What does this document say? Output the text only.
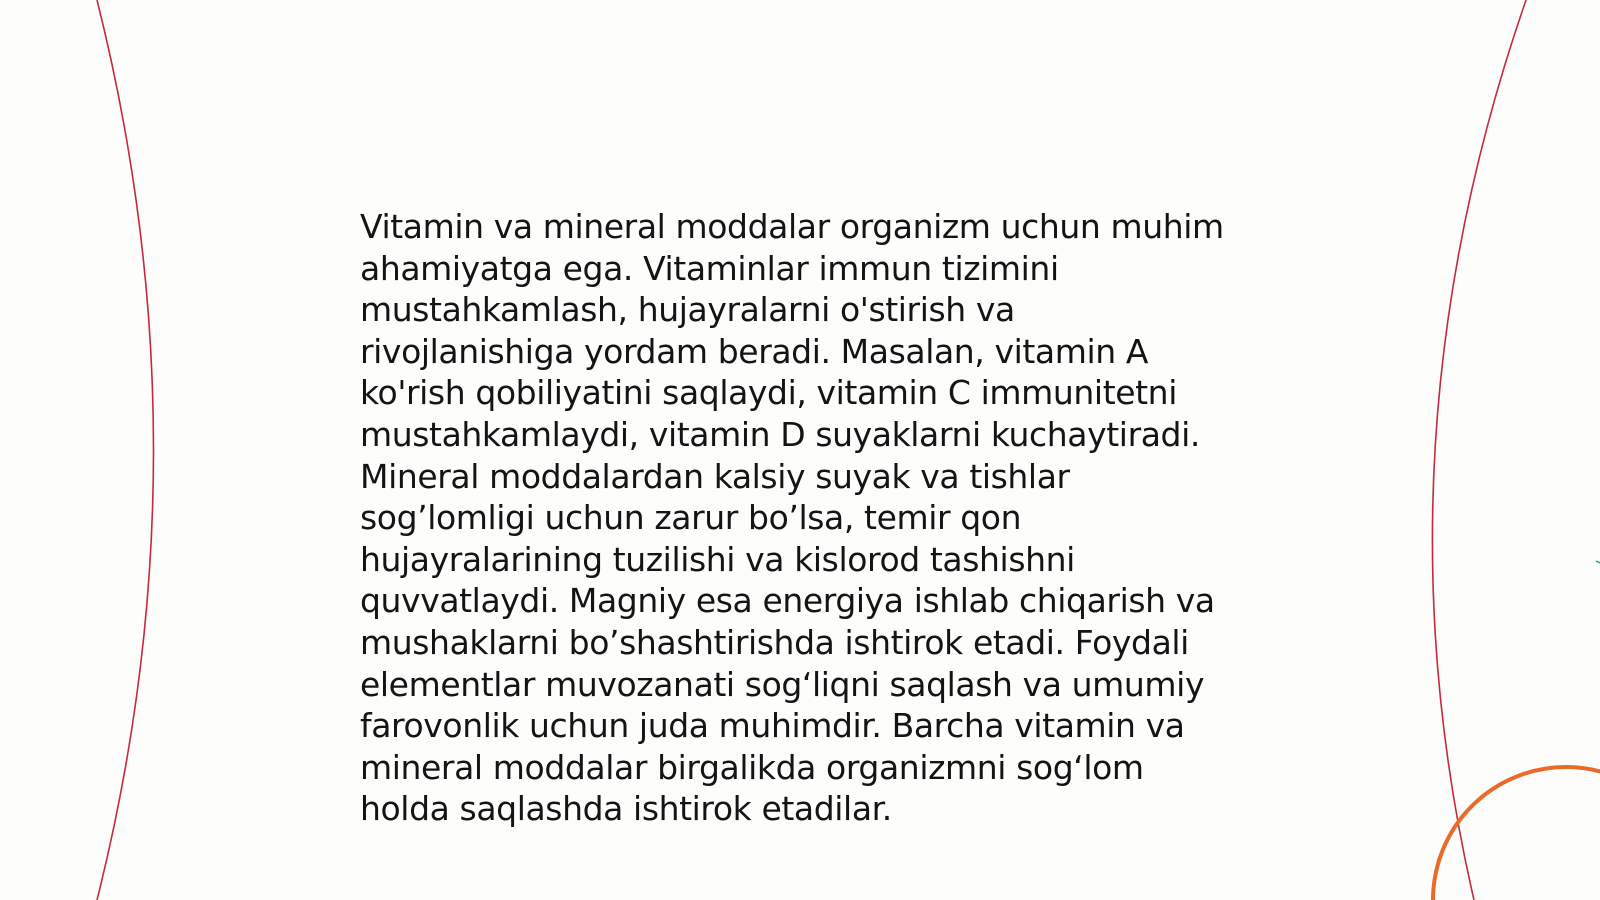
Vitamin va mineral moddalar organizm uchun muhim
ahamiyatga ega. Vitaminlar immun tizimini
mustahkamlash, hujayralarni o'stirish va
rivojlanishiga yordam beradi. Masalan, vitamin A
ko'rish qobiliyatini saqlaydi, vitamin C immunitetni
mustahkamlaydi, vitamin D suyaklarni kuchaytiradi.
Mineral moddalardan kalsiy suyak va tishlar
sog’lomligi uchun zarur bo’lsa, temir qon
hujayralarining tuzilishi va kislorod tashishni
quvvatlaydi. Magniy esa energiya ishlab chiqarish va
mushaklarni bo’shashtirishda ishtirok etadi. Foydali
elementlar muvozanati sog‘liqni saqlash va umumiy
farovonlik uchun juda muhimdir. Barcha vitamin va
mineral moddalar birgalikda organizmni sog‘lom
holda saqlashda ishtirok etadilar.
